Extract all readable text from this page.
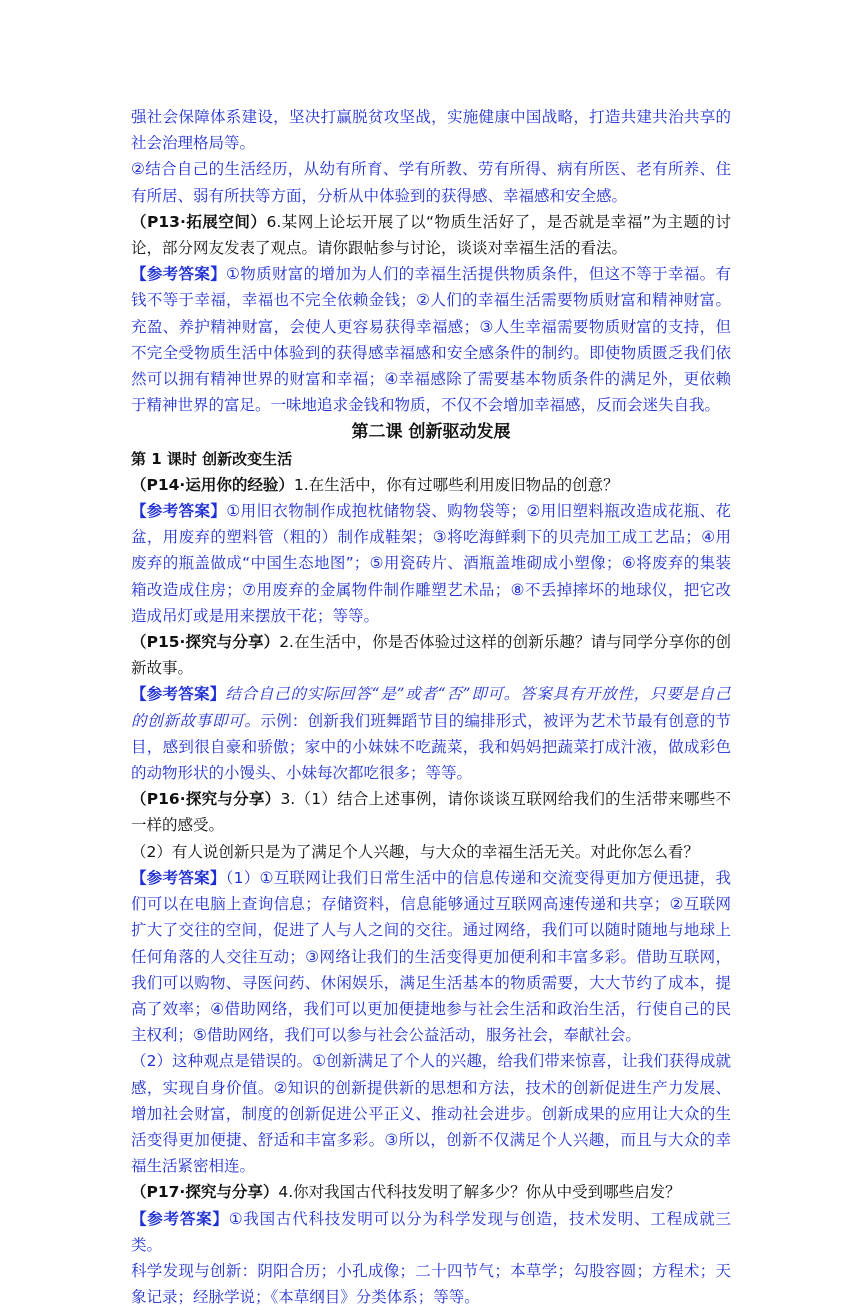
强社会保障体系建设，坚决打赢脱贫攻坚战，实施健康中国战略，打造共建共治共享的社会治理格局等。

②结合自己的生活经历，从幼有所育、学有所教、劳有所得、病有所医、老有所养、住有所居、弱有所扶等方面，分析从中体验到的获得感、幸福感和安全感。

（P13·拓展空间）6.某网上论坛开展了以“物质生活好了，是否就是幸福”为主题的讨论，部分网友发表了观点。请你跟帖参与讨论，谈谈对幸福生活的看法。

【参考答案】①物质财富的增加为人们的幸福生活提供物质条件，但这不等于幸福。有钱不等于幸福，幸福也不完全依赖金钱；②人们的幸福生活需要物质财富和精神财富。充盈、养护精神财富，会使人更容易获得幸福感；③人生幸福需要物质财富的支持，但不完全受物质生活中体验到的获得感幸福感和安全感条件的制约。即使物质匮乏我们依然可以拥有精神世界的财富和幸福；④幸福感除了需要基本物质条件的满足外，更依赖于精神世界的富足。一味地追求金钱和物质，不仅不会增加幸福感，反而会迷失自我。

第二课 创新驱动发展

第 1 课时 创新改变生活

（P14·运用你的经验）1.在生活中，你有过哪些利用废旧物品的创意？

【参考答案】①用旧衣物制作成抱枕储物袋、购物袋等；②用旧塑料瓶改造成花瓶、花盆，用废弃的塑料管（粗的）制作成鞋架；③将吃海鲜剩下的贝壳加工成工艺品；④用废弃的瓶盖做成“中国生态地图”；⑤用瓷砖片、酒瓶盖堆砌成小塑像；⑥将废弃的集装箱改造成住房；⑦用废弃的金属物件制作雕塑艺术品；⑧不丢掉摔坏的地球仪，把它改造成吊灯或是用来摆放干花；等等。

（P15·探究与分享）2.在生活中，你是否体验过这样的创新乐趣？请与同学分享你的创新故事。

【参考答案】结合自己的实际回答“是”或者“否”即可。答案具有开放性，只要是自己的创新故事即可。示例：创新我们班舞蹈节目的编排形式，被评为艺术节最有创意的节目，感到很自豪和骄傲；家中的小妹妹不吃蔬菜，我和妈妈把蔬菜打成汁液，做成彩色的动物形状的小馒头、小妹每次都吃很多；等等。

（P16·探究与分享）3.（1）结合上述事例，请你谈谈互联网给我们的生活带来哪些不一样的感受。

（2）有人说创新只是为了满足个人兴趣，与大众的幸福生活无关。对此你怎么看？

【参考答案】（1）①互联网让我们日常生活中的信息传递和交流变得更加方便迅捷，我们可以在电脑上查询信息；存储资料，信息能够通过互联网高速传递和共享；②互联网扩大了交往的空间，促进了人与人之间的交往。通过网络，我们可以随时随地与地球上任何角落的人交往互动；③网络让我们的生活变得更加便利和丰富多彩。借助互联网，我们可以购物、寻医问药、休闲娱乐，满足生活基本的物质需要，大大节约了成本，提高了效率；④借助网络，我们可以更加便捷地参与社会生活和政治生活，行使自己的民主权利；⑤借助网络，我们可以参与社会公益活动，服务社会，奉献社会。

（2）这种观点是错误的。①创新满足了个人的兴趣，给我们带来惊喜，让我们获得成就感，实现自身价值。②知识的创新提供新的思想和方法，技术的创新促进生产力发展、增加社会财富，制度的创新促进公平正义、推动社会进步。创新成果的应用让大众的生活变得更加便捷、舒适和丰富多彩。③所以，创新不仅满足个人兴趣，而且与大众的幸福生活紧密相连。

（P17·探究与分享）4.你对我国古代科技发明了解多少？你从中受到哪些启发？

【参考答案】①我国古代科技发明可以分为科学发现与创造，技术发明、工程成就三类。

科学发现与创新：阴阳合历；小孔成像；二十四节气；本草学；勾股容圆；方程术；天象记录；经脉学说；《本草纲目》分类体系；等等。
